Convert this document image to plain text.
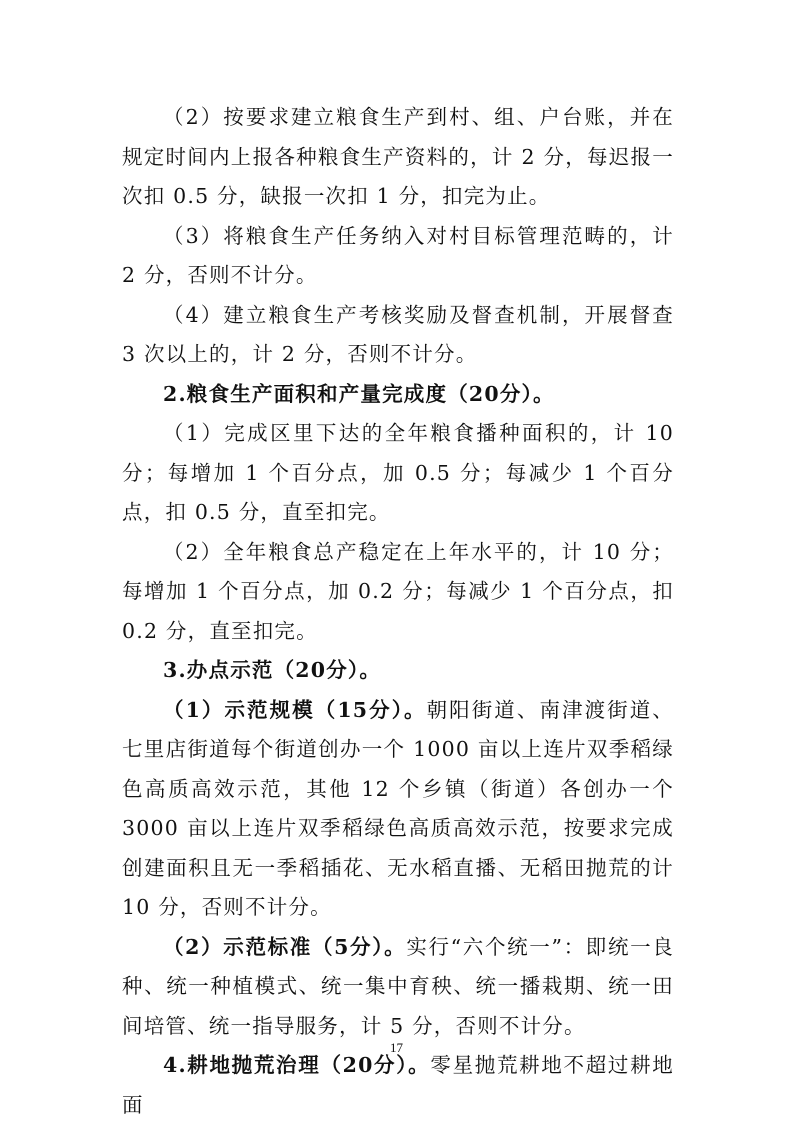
（2）按要求建立粮食生产到村、组、户台账，并在规定时间内上报各种粮食生产资料的，计 2 分，每迟报一次扣 0.5 分，缺报一次扣 1 分，扣完为止。

（3）将粮食生产任务纳入对村目标管理范畴的，计 2 分，否则不计分。

（4）建立粮食生产考核奖励及督查机制，开展督查 3 次以上的，计 2 分，否则不计分。

2.粮食生产面积和产量完成度（20分）。

（1）完成区里下达的全年粮食播种面积的，计 10 分；每增加 1 个百分点，加 0.5 分；每减少 1 个百分点，扣 0.5 分，直至扣完。

（2）全年粮食总产稳定在上年水平的，计 10 分；每增加 1 个百分点，加 0.2 分；每减少 1 个百分点，扣 0.2 分，直至扣完。

3.办点示范（20分）。

（1）示范规模（15分）。朝阳街道、南津渡街道、七里店街道每个街道创办一个 1000 亩以上连片双季稻绿色高质高效示范，其他 12 个乡镇（街道）各创办一个 3000 亩以上连片双季稻绿色高质高效示范，按要求完成创建面积且无一季稻插花、无水稻直播、无稻田抛荒的计 10 分，否则不计分。

（2）示范标准（5分）。实行“六个统一”：即统一良种、统一种植模式、统一集中育秧、统一播栽期、统一田间培管、统一指导服务，计 5 分，否则不计分。

4.耕地抛荒治理（20分）。零星抛荒耕地不超过耕地面

17
